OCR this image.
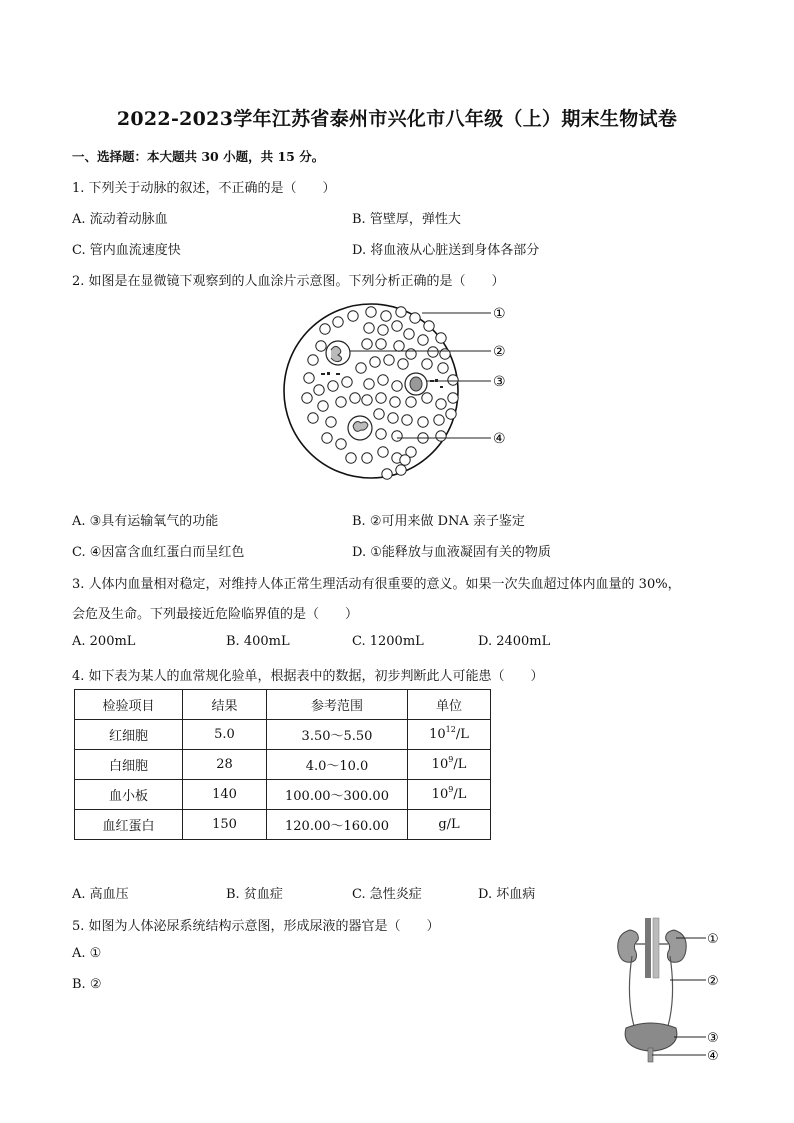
2022-2023学年江苏省泰州市兴化市八年级（上）期末生物试卷
一、选择题：本大题共 30 小题，共 15 分。
1. 下列关于动脉的叙述，不正确的是（　　）
A. 流动着动脉血	B. 管壁厚，弹性大
C. 管内血流速度快	D. 将血液从心脏送到身体各部分
2. 如图是在显微镜下观察到的人血涂片示意图。下列分析正确的是（　　）
①
②
③
④
A. ③具有运输氧气的功能	B. ②可用来做 DNA 亲子鉴定
C. ④因富含血红蛋白而呈红色	D. ①能释放与血液凝固有关的物质
3. 人体内血量相对稳定，对维持人体正常生理活动有很重要的意义。如果一次失血超过体内血量的 30%，
会危及生命。下列最接近危险临界值的是（　　）
A. 200mL	B. 400mL	C. 1200mL	D. 2400mL
4. 如下表为某人的血常规化验单，根据表中的数据，初步判断此人可能患（　　）
检验项目	结果	参考范围	单位
红细胞	5.0	3.50～5.50	$10^{12}/L$
白细胞	28	4.0～10.0	$10^9/L$
血小板	140	100.00～300.00	$10^9/L$
血红蛋白	150	120.00～160.00	g/L
A. 高血压	B. 贫血症	C. 急性炎症	D. 坏血病
5. 如图为人体泌尿系统结构示意图，形成尿液的器官是（　　）
A. ①
B. ②
①
②
③
④
